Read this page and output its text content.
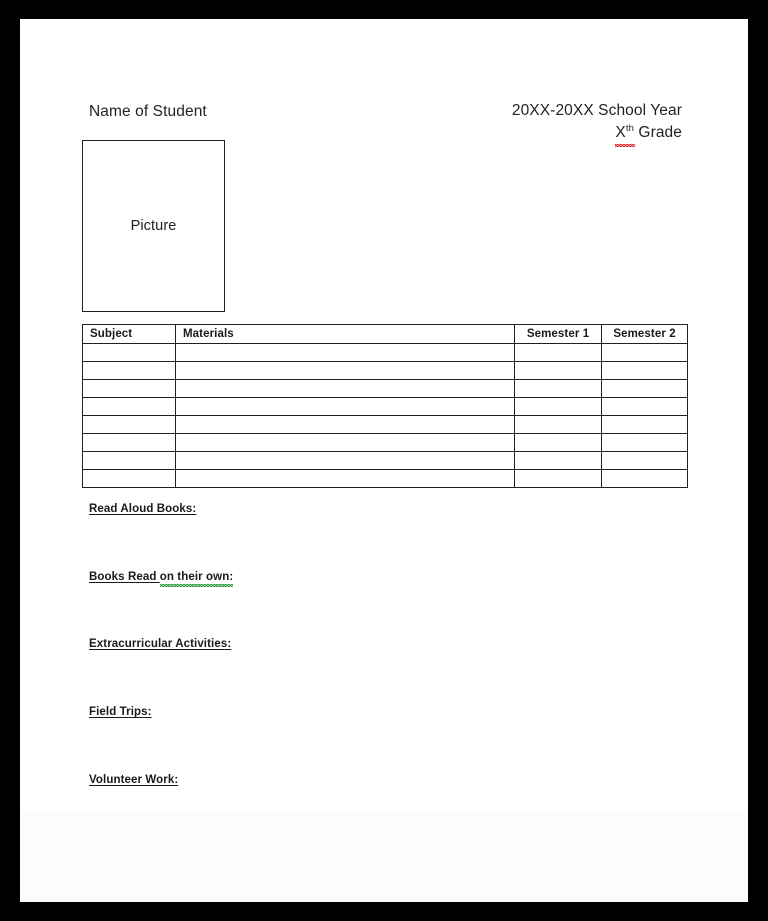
Name of Student	20XX-20XX School Year
Xth Grade
Picture
Subject	Materials	Semester 1	Semester 2

Read Aloud Books:
Books Read on their own:
Extracurricular Activities:
Field Trips:
Volunteer Work:
